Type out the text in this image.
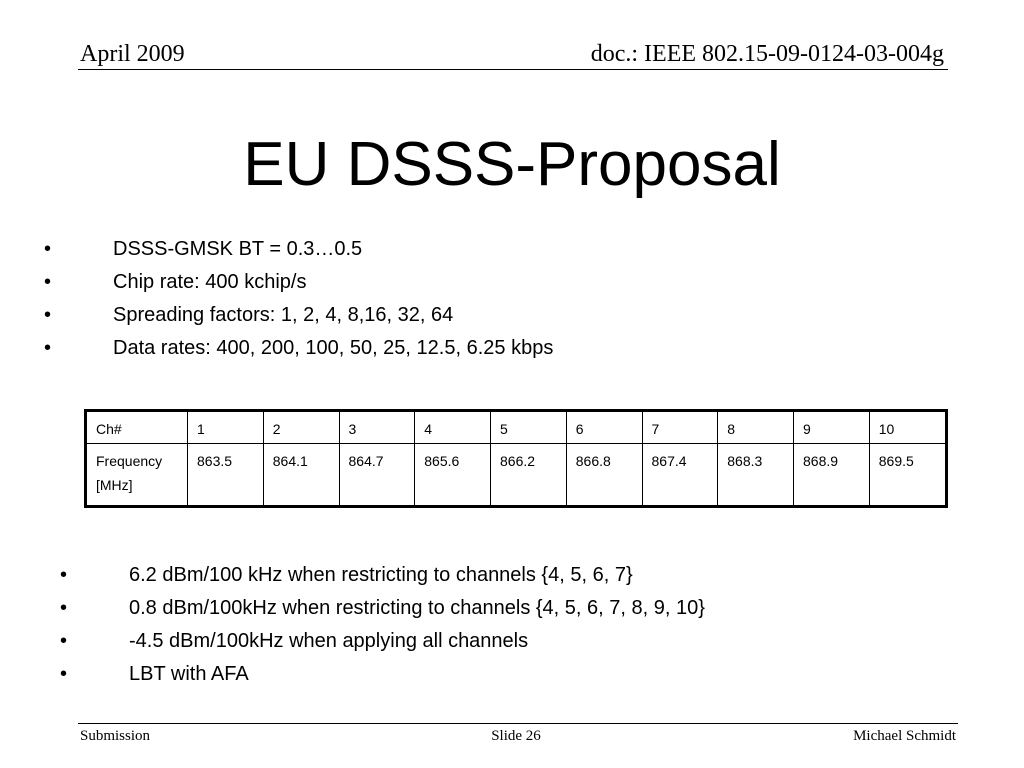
April 2009	doc.: IEEE 802.15-09-0124-03-004g
EU DSSS-Proposal
•	DSSS-GMSK BT = 0.3…0.5
•	Chip rate: 400 kchip/s
•	Spreading factors: 1, 2, 4, 8,16, 32, 64
•	Data rates: 400, 200, 100, 50, 25, 12.5, 6.25 kbps
Ch#	1	2	3	4	5	6	7	8	9	10

Frequency
[MHz]	863.5	864.1	864.7	865.6	866.2	866.8	867.4	868.3	868.9	869.5
•	6.2 dBm/100 kHz when restricting to channels {4, 5, 6, 7}
•	0.8 dBm/100kHz when restricting to channels {4, 5, 6, 7, 8, 9, 10}
•	-4.5 dBm/100kHz when applying all channels
•	LBT with AFA
Submission	Slide 26	Michael Schmidt
